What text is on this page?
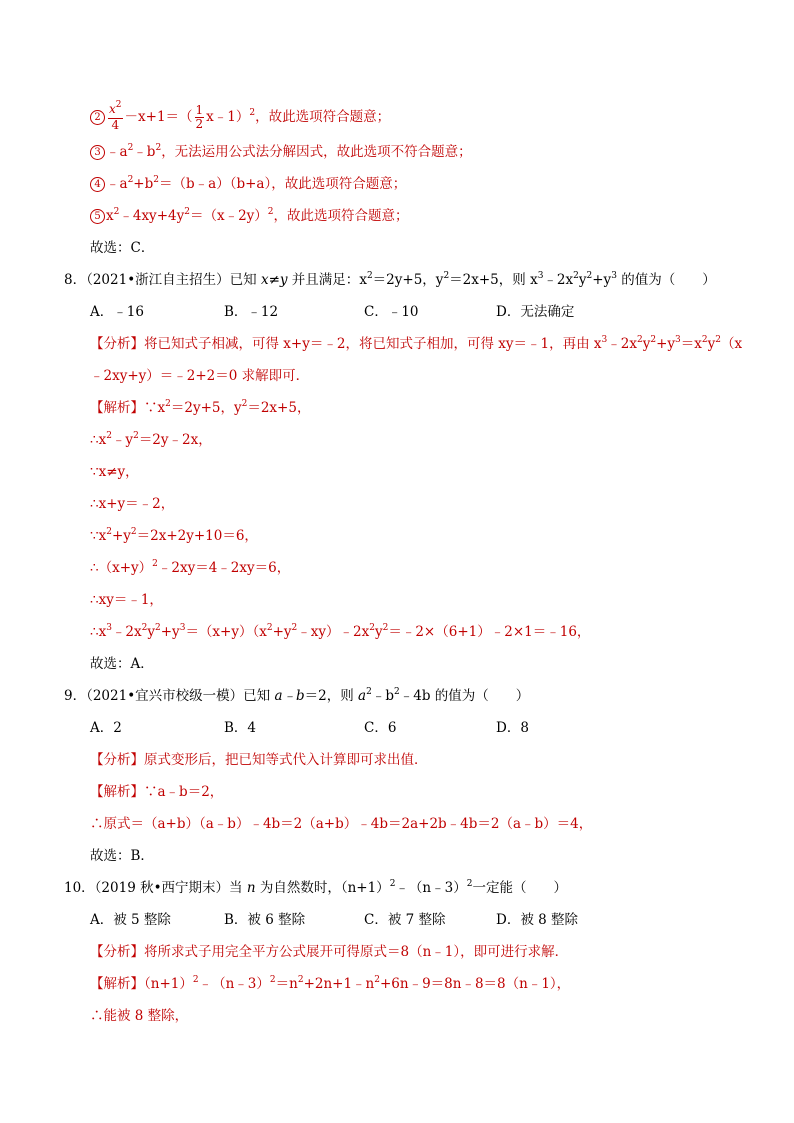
$2 \frac{x^2}{4} -x+1=( \frac{1}{2}$ x﹣1）$^2$，故此选项符合题意；
3 $﹣a^2﹣b^2$，无法运用公式法分解因式，故此选项不符合题意；
4 $﹣a^2+b^2=(b﹣a)(b+a)$，故此选项符合题意；
5 $x^2﹣4xy+4y^2=(x﹣2y)^2$，故此选项符合题意；
故选：C．
8．（2021•浙江自主招生）已知 x≠y 并且满足：$x^2=2y+5$，$y^2=2x+5$，则 $x^3﹣2x^2y^2+y^3$ 的值为（　　）
A．﹣16	B．﹣12	C．﹣10	D．无法确定
【分析】将已知式子相减，可得 x+y＝﹣2，将已知式子相加，可得 xy＝﹣1，再由 $x^3﹣2x^2y^2+y^3=x^2y^2(x$
﹣2xy+y）＝﹣2+2＝0 求解即可．
【解析】$\because x^2=2y+5$，$y^2=2x+5$，
$\therefore x^2﹣y^2=2y﹣2x$，
∵x≠y，
∴x+y＝﹣2，
$\because x^2+y^2=2x+2y+10=6$，
$\therefore(x+y)^2﹣2xy=4﹣2xy=6$，
∴xy＝﹣1，
$\therefore x^3﹣2x^2y^2+y^3=(x+y)(x^2+y^2﹣xy)﹣2x^2y^2=﹣2\times(6+1)﹣2\times 1=﹣16$，
故选：A．
9．（2021•宜兴市校级一模）已知 a﹣b＝2，则 $a^2﹣b^2﹣4b$ 的值为（　　）
A．2	B．4	C．6	D．8
【分析】原式变形后，把已知等式代入计算即可求出值．
【解析】∵a﹣b＝2，
∴原式＝（a+b）（a﹣b）﹣4b＝2（a+b）﹣4b＝2a+2b﹣4b＝2（a﹣b）＝4，
故选：B．
10．（2019 秋•西宁期末）当 n 为自然数时，$(n+1)^2﹣(n﹣3)^2$一定能（　　）
A．被 5 整除	B．被 6 整除	C．被 7 整除	D．被 8 整除
【分析】将所求式子用完全平方公式展开可得原式＝8（n﹣1），即可进行求解．
【解析】$(n+1)^2﹣(n﹣3)^2=n^2+2n+1﹣n^2+6n﹣9=8n﹣8=8(n﹣1)$，
∴能被 8 整除，
